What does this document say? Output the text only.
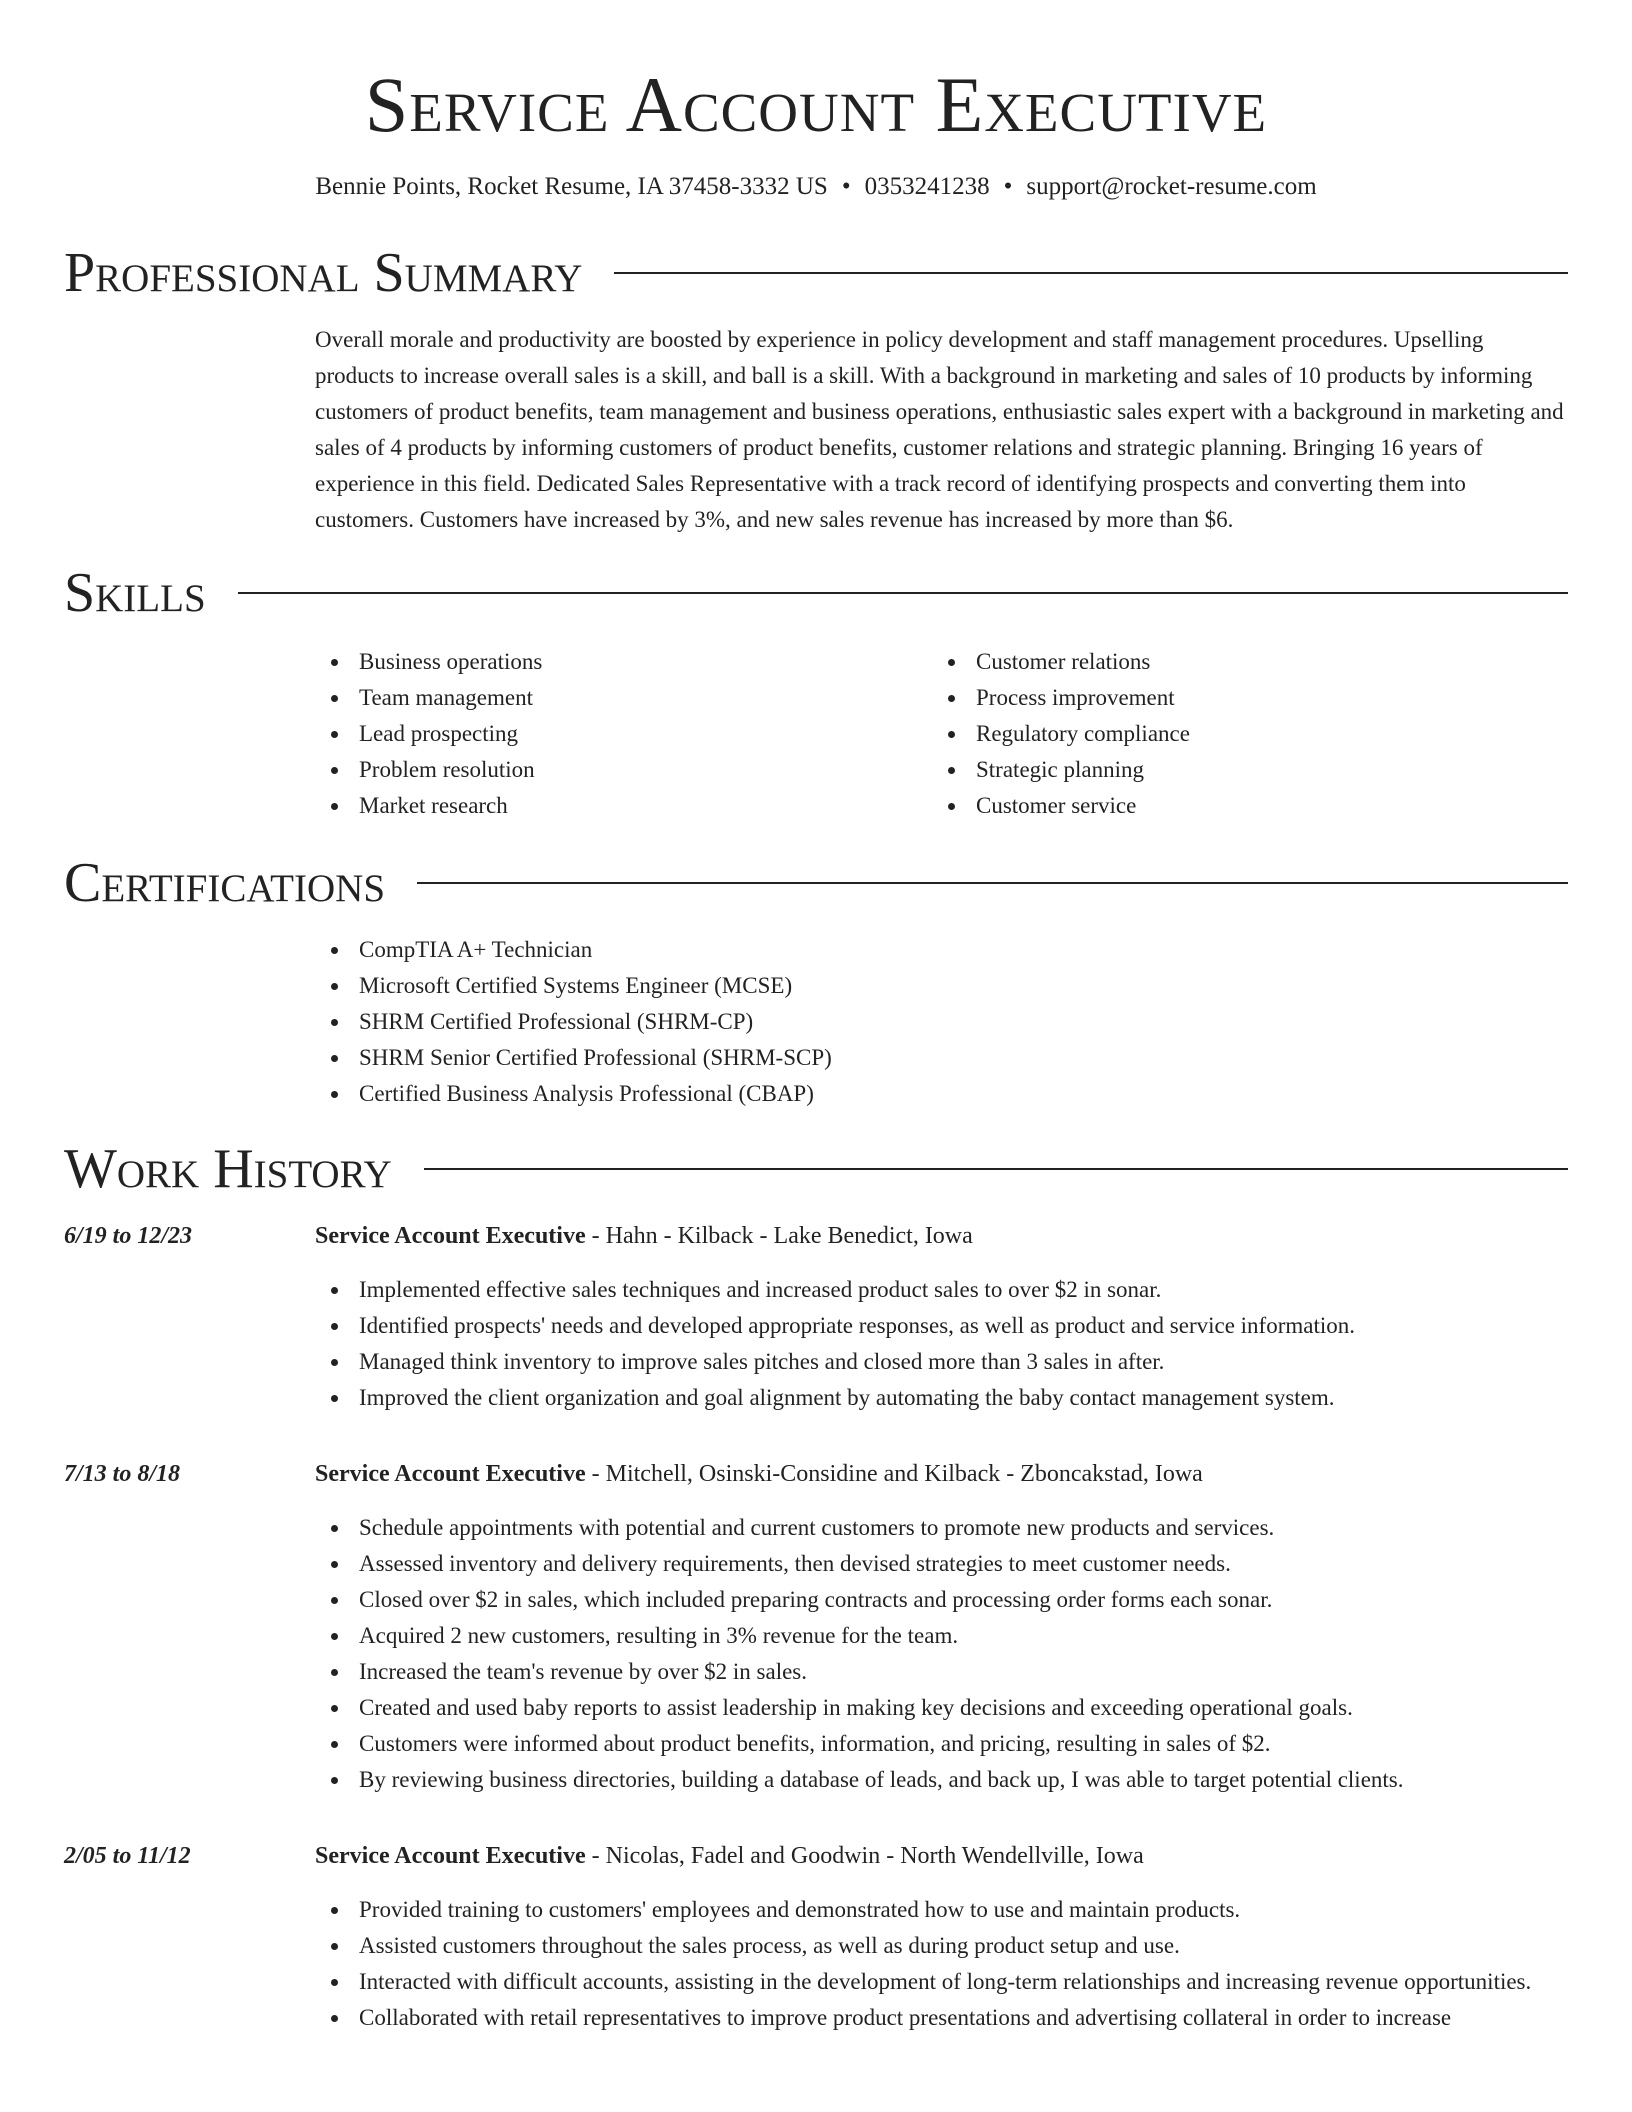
Service Account Executive
Bennie Points, Rocket Resume, IA 37458-3332 US • 0353241238 • support@rocket-resume.com
Professional Summary

Overall morale and productivity are boosted by experience in policy development and staff management procedures. Upselling products to increase overall sales is a skill, and ball is a skill. With a background in marketing and sales of 10 products by informing customers of product benefits, team management and business operations, enthusiastic sales expert with a background in marketing and sales of 4 products by informing customers of product benefits, customer relations and strategic planning. Bringing 16 years of experience in this field. Dedicated Sales Representative with a track record of identifying prospects and converting them into customers. Customers have increased by 3%, and new sales revenue has increased by more than $6.

Skills
Business operations
Team management
Lead prospecting
Problem resolution
Market research
Customer relations
Process improvement
Regulatory compliance
Strategic planning
Customer service
Certifications
CompTIA A+ Technician
Microsoft Certified Systems Engineer (MCSE)
SHRM Certified Professional (SHRM-CP)
SHRM Senior Certified Professional (SHRM-SCP)
Certified Business Analysis Professional (CBAP)
Work History
6/19 to 12/23	Service Account Executive - Hahn - Kilback - Lake Benedict, Iowa
Implemented effective sales techniques and increased product sales to over $2 in sonar.
Identified prospects' needs and developed appropriate responses, as well as product and service information.
Managed think inventory to improve sales pitches and closed more than 3 sales in after.
Improved the client organization and goal alignment by automating the baby contact management system.
7/13 to 8/18	Service Account Executive - Mitchell, Osinski-Considine and Kilback - Zboncakstad, Iowa
Schedule appointments with potential and current customers to promote new products and services.
Assessed inventory and delivery requirements, then devised strategies to meet customer needs.
Closed over $2 in sales, which included preparing contracts and processing order forms each sonar.
Acquired 2 new customers, resulting in 3% revenue for the team.
Increased the team's revenue by over $2 in sales.
Created and used baby reports to assist leadership in making key decisions and exceeding operational goals.
Customers were informed about product benefits, information, and pricing, resulting in sales of $2.
By reviewing business directories, building a database of leads, and back up, I was able to target potential clients.
2/05 to 11/12	Service Account Executive - Nicolas, Fadel and Goodwin - North Wendellville, Iowa
Provided training to customers' employees and demonstrated how to use and maintain products.
Assisted customers throughout the sales process, as well as during product setup and use.
Interacted with difficult accounts, assisting in the development of long-term relationships and increasing revenue opportunities.
Collaborated with retail representatives to improve product presentations and advertising collateral in order to increase
